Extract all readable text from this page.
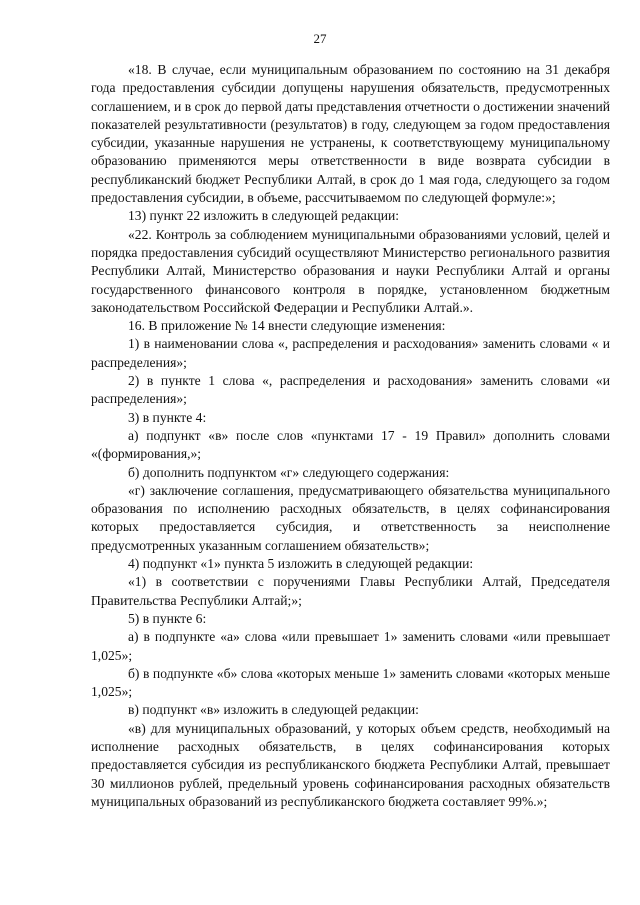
27

«18. В случае, если муниципальным образованием по состоянию на 31 декабря года предоставления субсидии допущены нарушения обязательств, предусмотренных соглашением, и в срок до первой даты представления отчетности о достижении значений показателей результативности (результатов) в году, следующем за годом предоставления субсидии, указанные нарушения не устранены, к соответствующему муниципальному образованию применяются меры ответственности в виде возврата субсидии в республиканский бюджет Республики Алтай, в срок до 1 мая года, следующего за годом предоставления субсидии, в объеме, рассчитываемом по следующей формуле:»;

13) пункт 22 изложить в следующей редакции:

«22. Контроль за соблюдением муниципальными образованиями условий, целей и порядка предоставления субсидий осуществляют Министерство регионального развития Республики Алтай, Министерство образования и науки Республики Алтай и органы государственного финансового контроля в порядке, установленном бюджетным законодательством Российской Федерации и Республики Алтай.».

16. В приложение № 14 внести следующие изменения:

1) в наименовании слова «, распределения и расходования» заменить словами « и распределения»;

2) в пункте 1 слова «, распределения и расходования» заменить словами «и распределения»;

3) в пункте 4:

а) подпункт «в» после слов «пунктами 17 - 19 Правил» дополнить словами «(формирования,»;

б) дополнить подпунктом «г» следующего содержания:

«г) заключение соглашения, предусматривающего обязательства муниципального образования по исполнению расходных обязательств, в целях софинансирования которых предоставляется субсидия, и ответственность за неисполнение предусмотренных указанным соглашением обязательств»;

4) подпункт «1» пункта 5 изложить в следующей редакции:

«1) в соответствии с поручениями Главы Республики Алтай, Председателя Правительства Республики Алтай;»;

5) в пункте 6:

а) в подпункте «а» слова «или превышает 1» заменить словами «или превышает 1,025»;

б) в подпункте «б» слова «которых меньше 1» заменить словами «которых меньше 1,025»;

в) подпункт «в» изложить в следующей редакции:

«в) для муниципальных образований, у которых объем средств, необходимый на исполнение расходных обязательств, в целях софинансирования которых предоставляется субсидия из республиканского бюджета Республики Алтай, превышает 30 миллионов рублей, предельный уровень софинансирования расходных обязательств муниципальных образований из республиканского бюджета составляет 99%.»;
